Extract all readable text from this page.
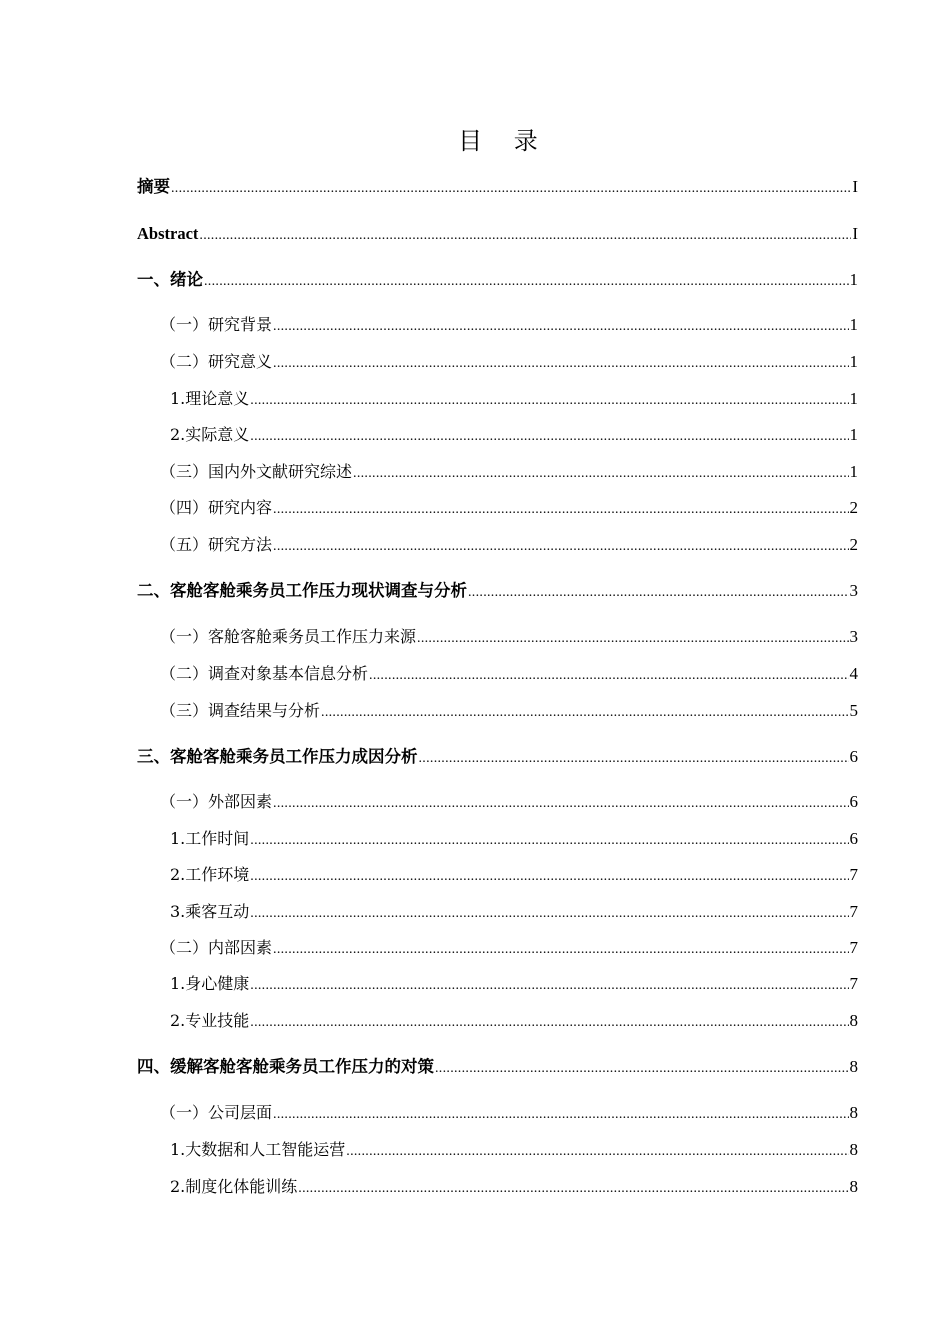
目 录
摘要 .....	I
Abstract .....	I
一、绪论 .....	1
（一）研究背景 .....	1
（二）研究意义 .....	1
1.理论意义 .....	1
2.实际意义 .....	1
（三）国内外文献研究综述 .....	1
（四）研究内容 .....	2
（五）研究方法 .....	2
二、客舱客舱乘务员工作压力现状调查与分析 .....	3
（一）客舱客舱乘务员工作压力来源 .....	3
（二）调查对象基本信息分析 .....	4
（三）调查结果与分析 .....	5
三、客舱客舱乘务员工作压力成因分析 .....	6
（一）外部因素 .....	6
1.工作时间 .....	6
2.工作环境 .....	7
3.乘客互动 .....	7
（二）内部因素 .....	7
1.身心健康 .....	7
2.专业技能 .....	8
四、缓解客舱客舱乘务员工作压力的对策 .....	8
（一）公司层面 .....	8
1.大数据和人工智能运营 .....	8
2.制度化体能训练 .....	8
